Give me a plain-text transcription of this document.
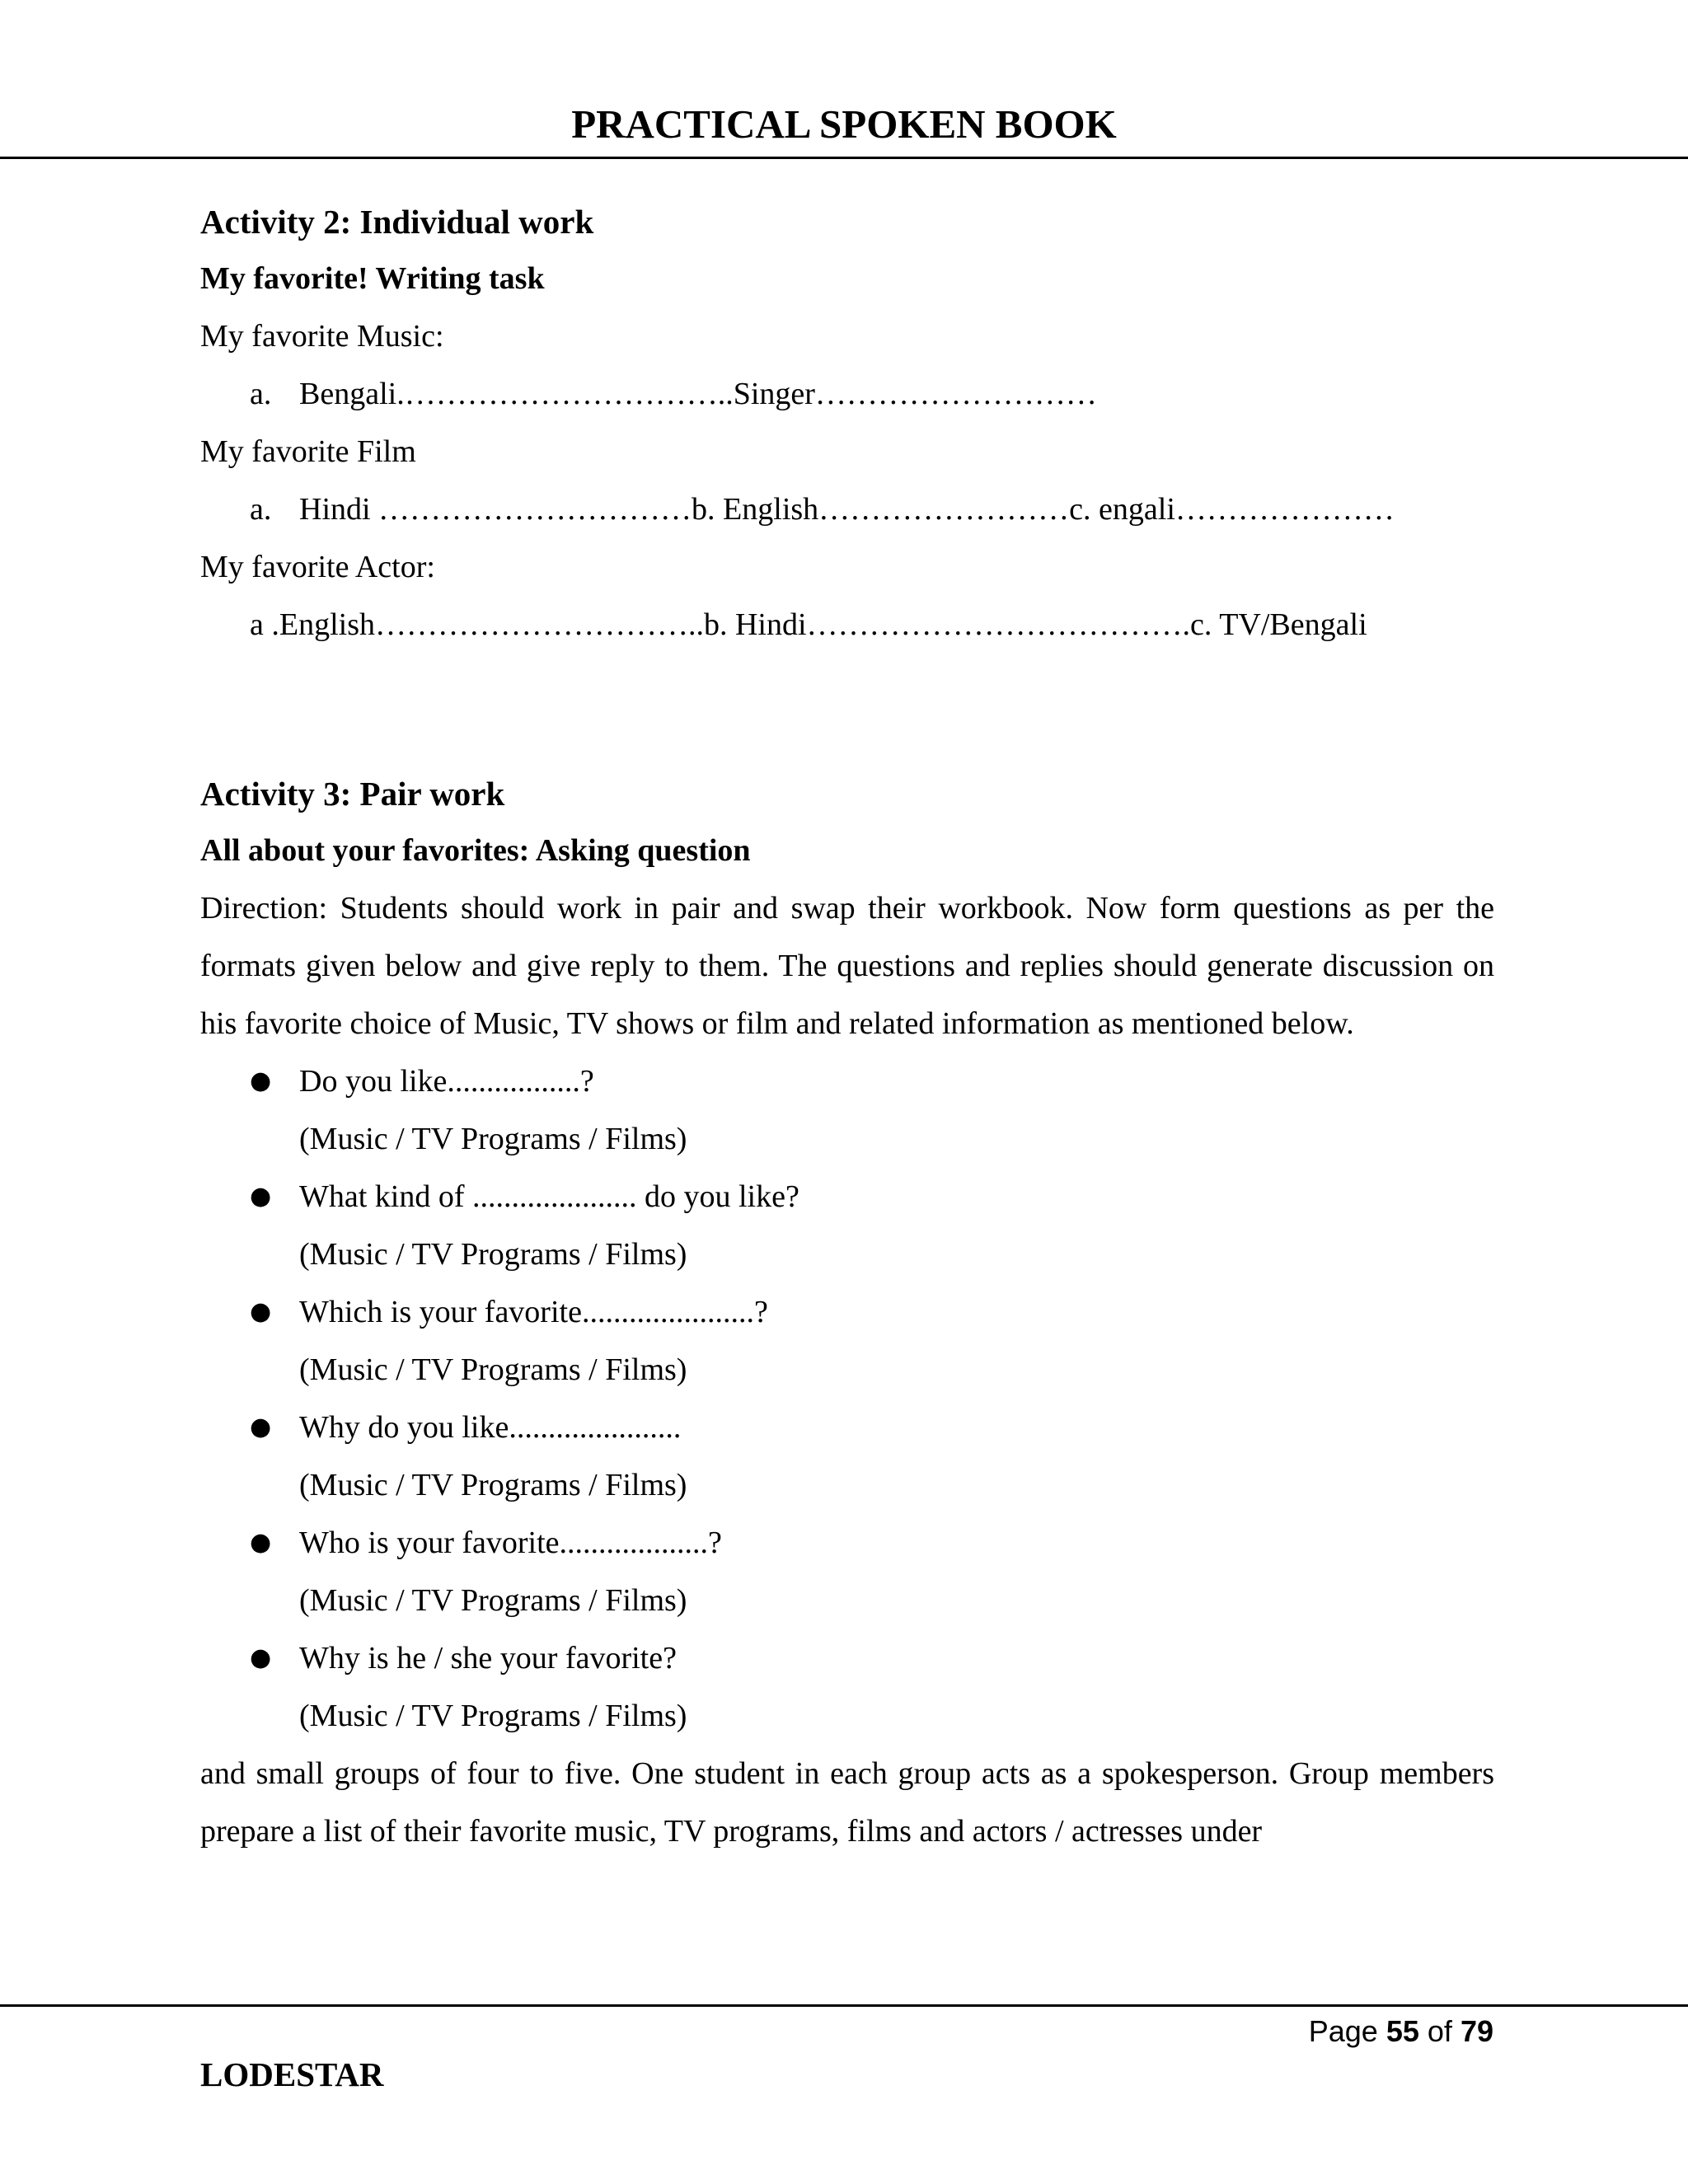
PRACTICAL SPOKEN BOOK

Activity 2: Individual work

My favorite! Writing task

My favorite Music:

a. Bengali.…………………………..Singer………………………

My favorite Film

a. Hindi …………………………b. English……………………c. engali…………………

My favorite Actor:

a .English…………………………..b. Hindi……………………………….c. TV/Bengali

Activity 3: Pair work

All about your favorites: Asking question

Direction: Students should work in pair and swap their workbook. Now form questions as per the formats given below and give reply to them. The questions and replies should generate discussion on his favorite choice of Music, TV shows or film and related information as mentioned below.

● Do you like.................?
(Music / TV Programs / Films)
● What kind of ..................... do you like?
(Music / TV Programs / Films)
● Which is your favorite......................?
(Music / TV Programs / Films)
● Why do you like......................
(Music / TV Programs / Films)
● Who is your favorite...................?
(Music / TV Programs / Films)
● Why is he / she your favorite?
(Music / TV Programs / Films)

and small groups of four to five. One student in each group acts as a spokesperson. Group members prepare a list of their favorite music, TV programs, films and actors / actresses under

Page 55 of 79
LODESTAR
